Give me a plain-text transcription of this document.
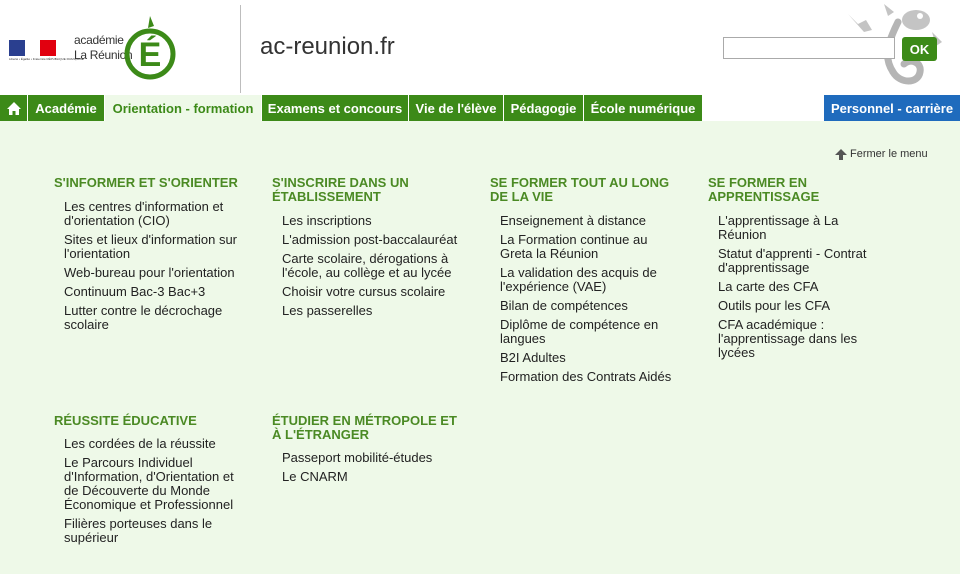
Liberté • Égalité • Fraternité RÉPUBLIQUE FRANÇAISE
académie
La Réunion É	ac-reunion.fr	OK
Académie	Orientation - formation	Examens et concours	Vie de l'élève	Pédagogie	École numérique	Personnel - carrière
Fermer le menu
S'INFORMER ET S'ORIENTER
Les centres d'information et d'orientation (CIO)
Sites et lieux d'information sur l'orientation
Web-bureau pour l'orientation
Continuum Bac-3 Bac+3
Lutter contre le décrochage scolaire
S'INSCRIRE DANS UN ÉTABLISSEMENT
Les inscriptions
L'admission post-baccalauréat
Carte scolaire, dérogations à l'école, au collège et au lycée
Choisir votre cursus scolaire
Les passerelles
SE FORMER TOUT AU LONG DE LA VIE
Enseignement à distance
La Formation continue au Greta la Réunion
La validation des acquis de l'expérience (VAE)
Bilan de compétences
Diplôme de compétence en langues
B2I Adultes
Formation des Contrats Aidés
SE FORMER EN APPRENTISSAGE
L'apprentissage à La Réunion
Statut d'apprenti - Contrat d'apprentissage
La carte des CFA
Outils pour les CFA
CFA académique : l'apprentissage dans les lycées
RÉUSSITE ÉDUCATIVE
Les cordées de la réussite
Le Parcours Individuel d'Information, d'Orientation et de Découverte du Monde Économique et Professionnel
Filières porteuses dans le supérieur
ÉTUDIER EN MÉTROPOLE ET À L'ÉTRANGER
Passeport mobilité-études
Le CNARM
